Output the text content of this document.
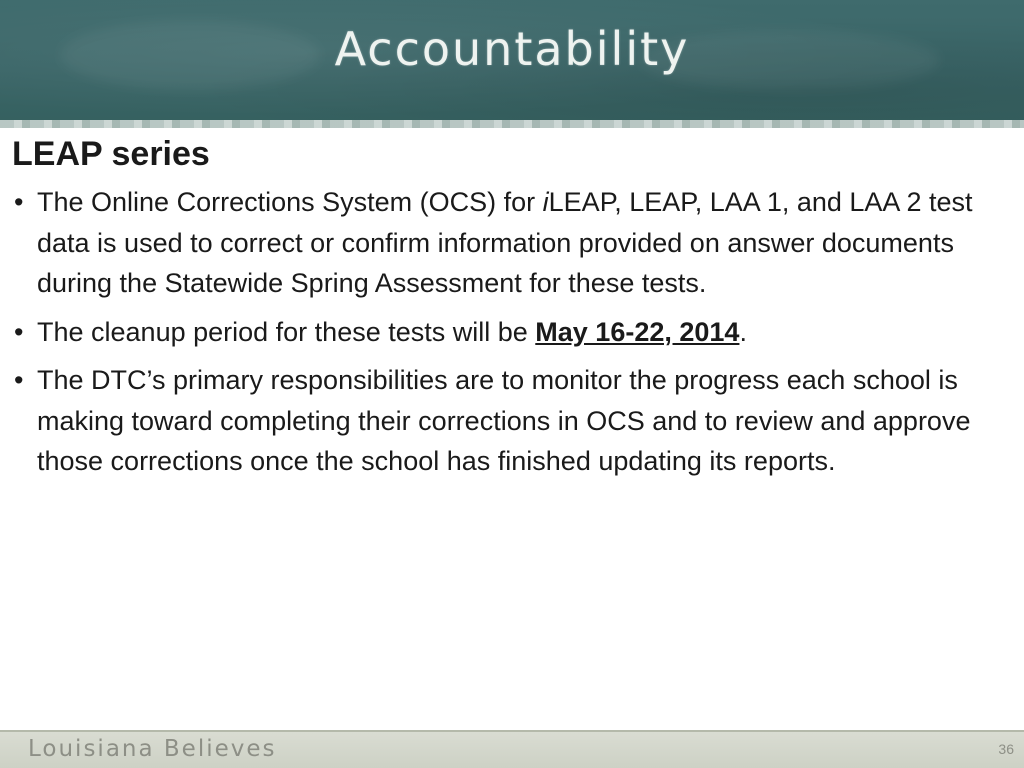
Accountability
LEAP series
• The Online Corrections System (OCS) for iLEAP, LEAP, LAA 1, and LAA 2 test data is used to correct or confirm information provided on answer documents during the Statewide Spring Assessment for these tests.
• The cleanup period for these tests will be May 16-22, 2014.
• The DTC’s primary responsibilities are to monitor the progress each school is making toward completing their corrections in OCS and to review and approve those corrections once the school has finished updating its reports.
Louisiana Believes	36
